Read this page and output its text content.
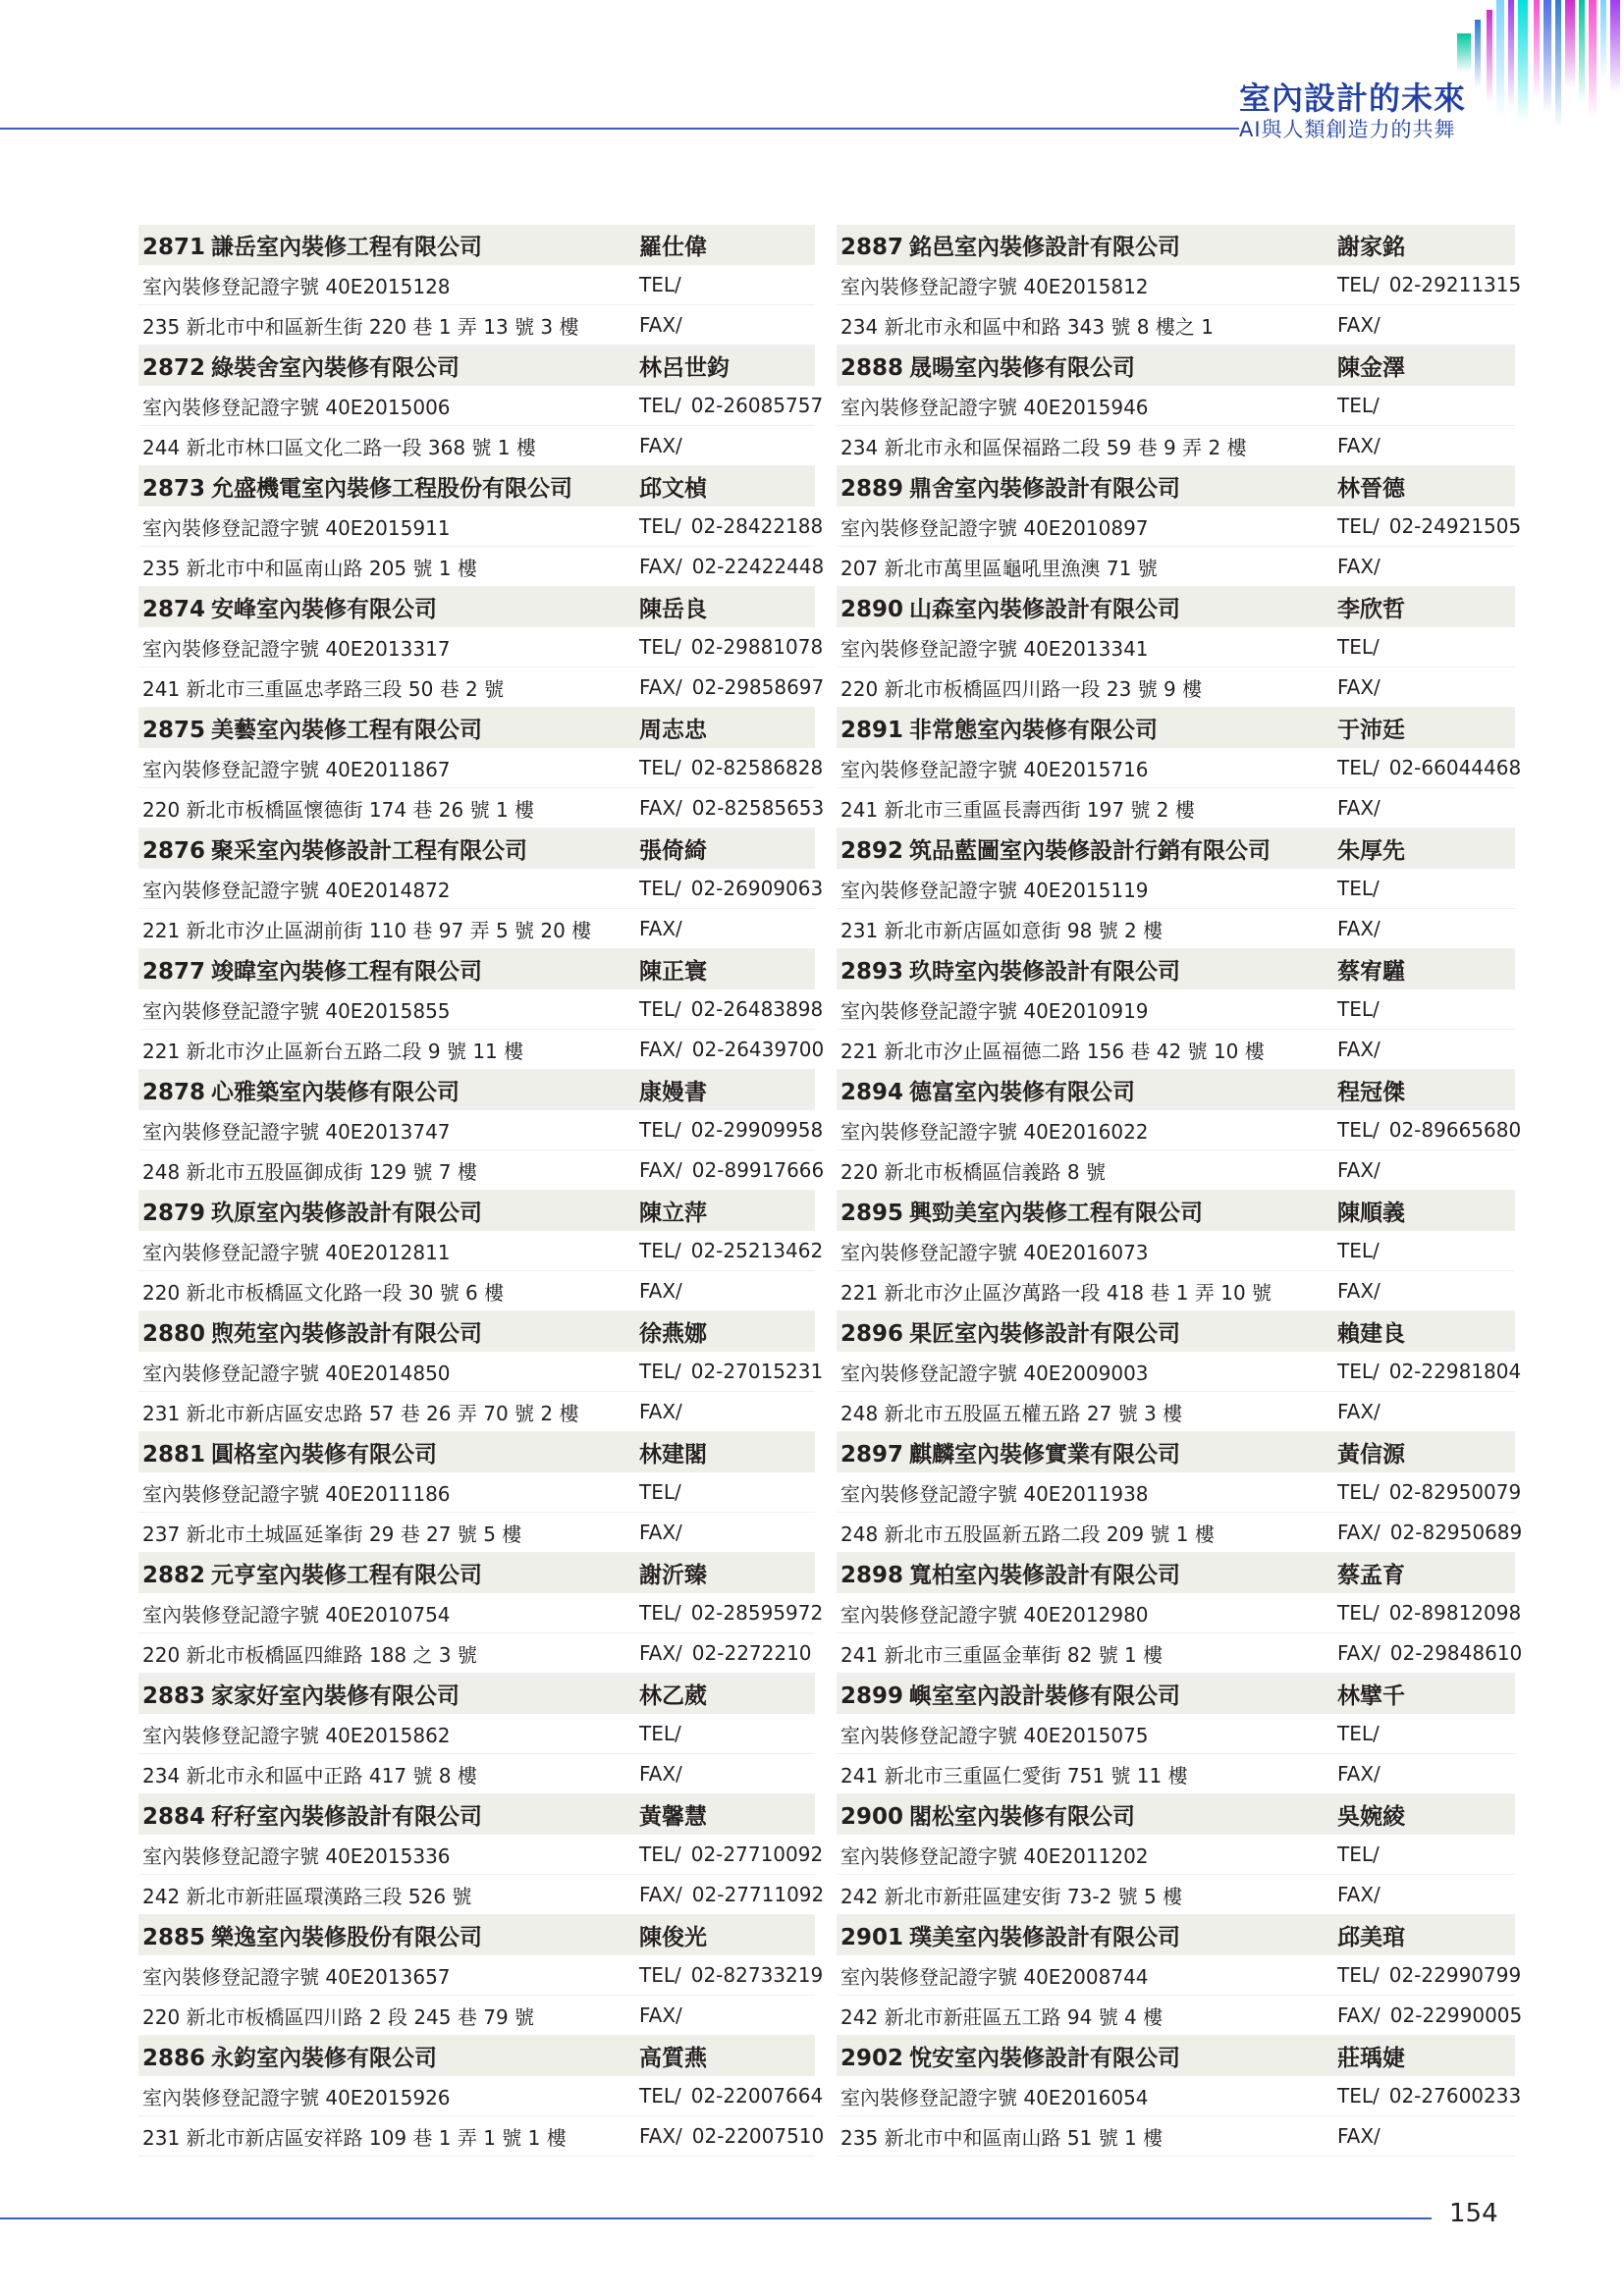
室內設計的未來
AI與人類創造力的共舞
2871 謙岳室內裝修工程有限公司	羅仕偉
室內裝修登記證字號 40E2015128	TEL/
235 新北市中和區新生街 220 巷 1 弄 13 號 3 樓	FAX/
2872 綠裝舍室內裝修有限公司	林呂世鈞
室內裝修登記證字號 40E2015006	TEL/ 02-26085757
244 新北市林口區文化二路一段 368 號 1 樓	FAX/
2873 允盛機電室內裝修工程股份有限公司	邱文楨
室內裝修登記證字號 40E2015911	TEL/ 02-28422188
235 新北市中和區南山路 205 號 1 樓	FAX/ 02-22422448
2874 安峰室內裝修有限公司	陳岳良
室內裝修登記證字號 40E2013317	TEL/ 02-29881078
241 新北市三重區忠孝路三段 50 巷 2 號	FAX/ 02-29858697
2875 美藝室內裝修工程有限公司	周志忠
室內裝修登記證字號 40E2011867	TEL/ 02-82586828
220 新北市板橋區懷德街 174 巷 26 號 1 樓	FAX/ 02-82585653
2876 聚采室內裝修設計工程有限公司	張倚綺
室內裝修登記證字號 40E2014872	TEL/ 02-26909063
221 新北市汐止區湖前街 110 巷 97 弄 5 號 20 樓	FAX/
2877 竣暐室內裝修工程有限公司	陳正寰
室內裝修登記證字號 40E2015855	TEL/ 02-26483898
221 新北市汐止區新台五路二段 9 號 11 樓	FAX/ 02-26439700
2878 心雅築室內裝修有限公司	康嫚書
室內裝修登記證字號 40E2013747	TEL/ 02-29909958
248 新北市五股區御成街 129 號 7 樓	FAX/ 02-89917666
2879 玖原室內裝修設計有限公司	陳立萍
室內裝修登記證字號 40E2012811	TEL/ 02-25213462
220 新北市板橋區文化路一段 30 號 6 樓	FAX/
2880 煦苑室內裝修設計有限公司	徐燕娜
室內裝修登記證字號 40E2014850	TEL/ 02-27015231
231 新北市新店區安忠路 57 巷 26 弄 70 號 2 樓	FAX/
2881 圓格室內裝修有限公司	林建閣
室內裝修登記證字號 40E2011186	TEL/
237 新北市土城區延峯街 29 巷 27 號 5 樓	FAX/
2882 元亨室內裝修工程有限公司	謝沂臻
室內裝修登記證字號 40E2010754	TEL/ 02-28595972
220 新北市板橋區四維路 188 之 3 號	FAX/ 02-2272210
2883 家家好室內裝修有限公司	林乙葳
室內裝修登記證字號 40E2015862	TEL/
234 新北市永和區中正路 417 號 8 樓	FAX/
2884 秄秄室內裝修設計有限公司	黃馨慧
室內裝修登記證字號 40E2015336	TEL/ 02-27710092
242 新北市新莊區環漢路三段 526 號	FAX/ 02-27711092
2885 樂逸室內裝修股份有限公司	陳俊光
室內裝修登記證字號 40E2013657	TEL/ 02-82733219
220 新北市板橋區四川路 2 段 245 巷 79 號	FAX/
2886 永鈞室內裝修有限公司	高質燕
室內裝修登記證字號 40E2015926	TEL/ 02-22007664
231 新北市新店區安祥路 109 巷 1 弄 1 號 1 樓	FAX/ 02-22007510
2887 銘邑室內裝修設計有限公司	謝家銘
室內裝修登記證字號 40E2015812	TEL/ 02-29211315
234 新北市永和區中和路 343 號 8 樓之 1	FAX/
2888 晟暘室內裝修有限公司	陳金澤
室內裝修登記證字號 40E2015946	TEL/
234 新北市永和區保福路二段 59 巷 9 弄 2 樓	FAX/
2889 鼎舍室內裝修設計有限公司	林晉德
室內裝修登記證字號 40E2010897	TEL/ 02-24921505
207 新北市萬里區龜吼里漁澳 71 號	FAX/
2890 山森室內裝修設計有限公司	李欣哲
室內裝修登記證字號 40E2013341	TEL/
220 新北市板橋區四川路一段 23 號 9 樓	FAX/
2891 非常態室內裝修有限公司	于沛廷
室內裝修登記證字號 40E2015716	TEL/ 02-66044468
241 新北市三重區長壽西街 197 號 2 樓	FAX/
2892 筑品藍圖室內裝修設計行銷有限公司	朱厚先
室內裝修登記證字號 40E2015119	TEL/
231 新北市新店區如意街 98 號 2 樓	FAX/
2893 玖時室內裝修設計有限公司	蔡宥騹
室內裝修登記證字號 40E2010919	TEL/
221 新北市汐止區福德二路 156 巷 42 號 10 樓	FAX/
2894 德富室內裝修有限公司	程冠傑
室內裝修登記證字號 40E2016022	TEL/ 02-89665680
220 新北市板橋區信義路 8 號	FAX/
2895 興勁美室內裝修工程有限公司	陳順義
室內裝修登記證字號 40E2016073	TEL/
221 新北市汐止區汐萬路一段 418 巷 1 弄 10 號	FAX/
2896 果匠室內裝修設計有限公司	賴建良
室內裝修登記證字號 40E2009003	TEL/ 02-22981804
248 新北市五股區五權五路 27 號 3 樓	FAX/
2897 麒麟室內裝修實業有限公司	黃信源
室內裝修登記證字號 40E2011938	TEL/ 02-82950079
248 新北市五股區新五路二段 209 號 1 樓	FAX/ 02-82950689
2898 寬柏室內裝修設計有限公司	蔡孟育
室內裝修登記證字號 40E2012980	TEL/ 02-89812098
241 新北市三重區金華街 82 號 1 樓	FAX/ 02-29848610
2899 嶼室室內設計裝修有限公司	林擘千
室內裝修登記證字號 40E2015075	TEL/
241 新北市三重區仁愛街 751 號 11 樓	FAX/
2900 閣松室內裝修有限公司	吳婉綾
室內裝修登記證字號 40E2011202	TEL/
242 新北市新莊區建安街 73-2 號 5 樓	FAX/
2901 璞美室內裝修設計有限公司	邱美琯
室內裝修登記證字號 40E2008744	TEL/ 02-22990799
242 新北市新莊區五工路 94 號 4 樓	FAX/ 02-22990005
2902 悅安室內裝修設計有限公司	莊瑀婕
室內裝修登記證字號 40E2016054	TEL/ 02-27600233
235 新北市中和區南山路 51 號 1 樓	FAX/
154
